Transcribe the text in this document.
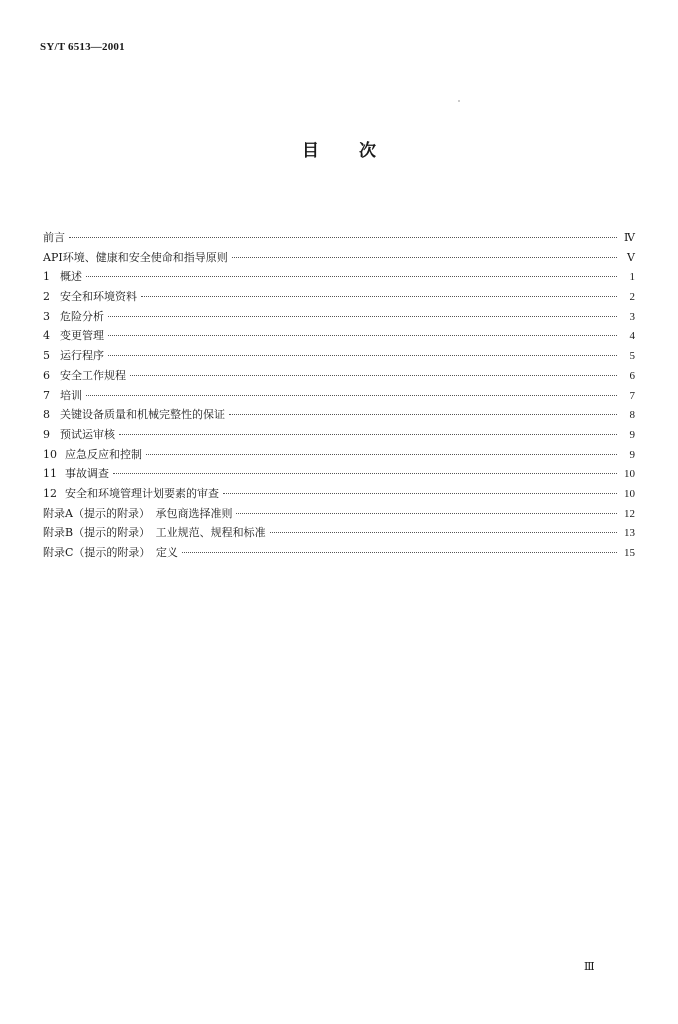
SY/T 6513—2001
目 次
前言	Ⅳ
API环境、健康和安全使命和指导原则	Ⅴ
1 概述	1
2 安全和环境资料	2
3 危险分析	3
4 变更管理	4
5 运行程序	5
6 安全工作规程	6
7 培训	7
8 关键设备质量和机械完整性的保证	8
9 预试运审核	9
10 应急反应和控制	9
11 事故调查	10
12 安全和环境管理计划要素的审查	10
附录A（提示的附录）　承包商选择准则	12
附录B（提示的附录）　工业规范、规程和标准	13
附录C（提示的附录）　定义	15
Ⅲ
